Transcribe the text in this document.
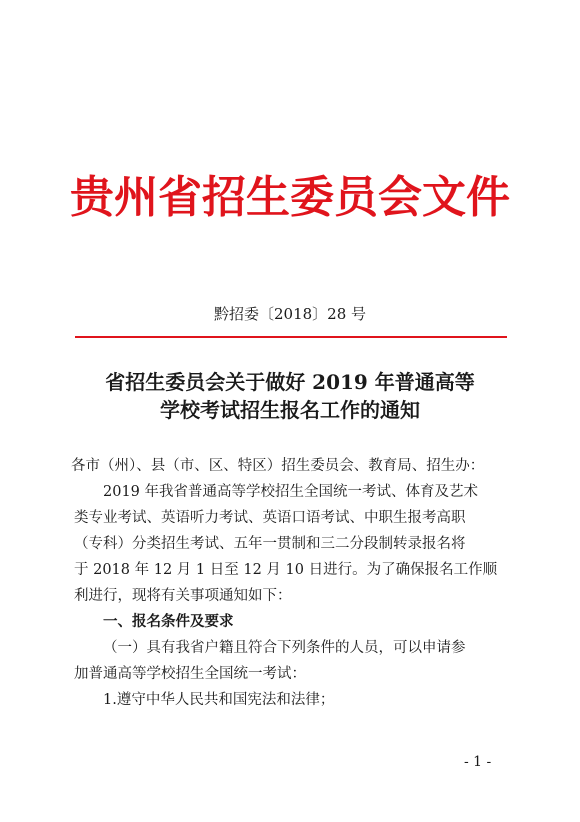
贵州省招生委员会文件
黔招委〔2018〕28 号
省招生委员会关于做好 2019 年普通高等
学校考试招生报名工作的通知
各市（州）、县（市、区、特区）招生委员会、教育局、招生办：
2019 年我省普通高等学校招生全国统一考试、体育及艺术
类专业考试、英语听力考试、英语口语考试、中职生报考高职
（专科）分类招生考试、五年一贯制和三二分段制转录报名将
于 2018 年 12 月 1 日至 12 月 10 日进行。为了确保报名工作顺
利进行，现将有关事项通知如下：
一、报名条件及要求
（一）具有我省户籍且符合下列条件的人员，可以申请参
加普通高等学校招生全国统一考试：
1.遵守中华人民共和国宪法和法律；
- 1 -
